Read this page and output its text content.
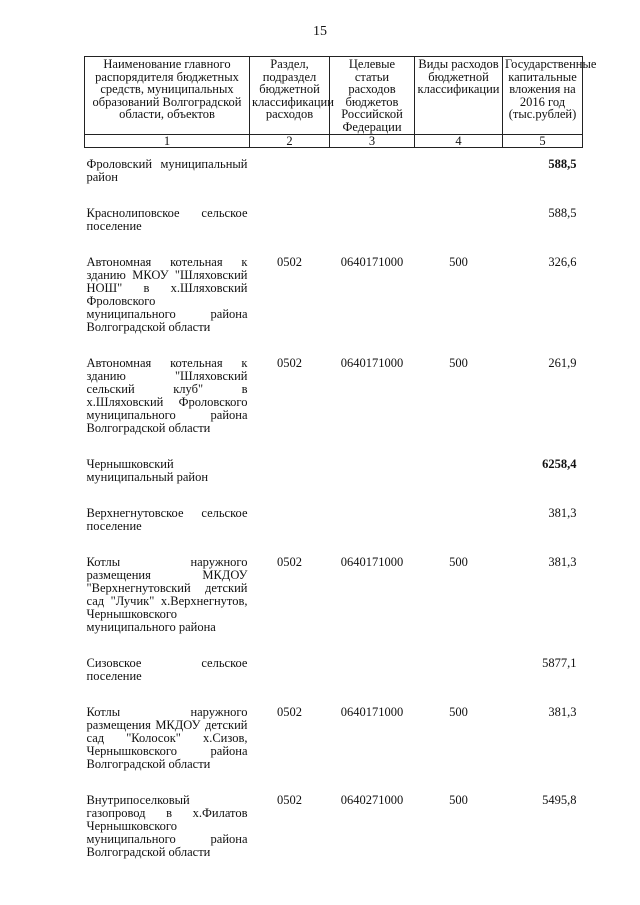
15
Наименование главного распорядителя бюджетных средств, муниципальных образований Волгоградской области, объектов	Раздел, подраздел бюджетной классификации расходов	Целевые статьи расходов бюджетов Российской Федерации	Виды расходов бюджетной классификации	Государственные капитальные вложения на 2016 год (тыс.рублей)
1	2	3	4	5
Фроловский муниципальный район				588,5

Краснолиповское сельское поселение				588,5

Автономная котельная к зданию МКОУ "Шляховский НОШ" в х.Шляховский Фроловского муниципального района Волгоградской области	0502	0640171000	500	326,6

Автономная котельная к зданию "Шляховский сельский клуб" в х.Шляховский Фроловского муниципального района Волгоградской области	0502	0640171000	500	261,9

Чернышковский муниципальный район				6258,4

Верхнегнутовское сельское поселение				381,3

Котлы наружного размещения МКДОУ "Верхнегнутовский детский сад "Лучик" х.Верхнегнутов, Чернышковского муниципального района	0502	0640171000	500	381,3

Сизовское сельское поселение				5877,1

Котлы наружного размещения МКДОУ детский сад "Колосок" х.Сизов, Чернышковского района Волгоградской области	0502	0640171000	500	381,3

Внутрипоселковый газопровод в х.Филатов Чернышковского муниципального района Волгоградской области	0502	0640271000	500	5495,8
